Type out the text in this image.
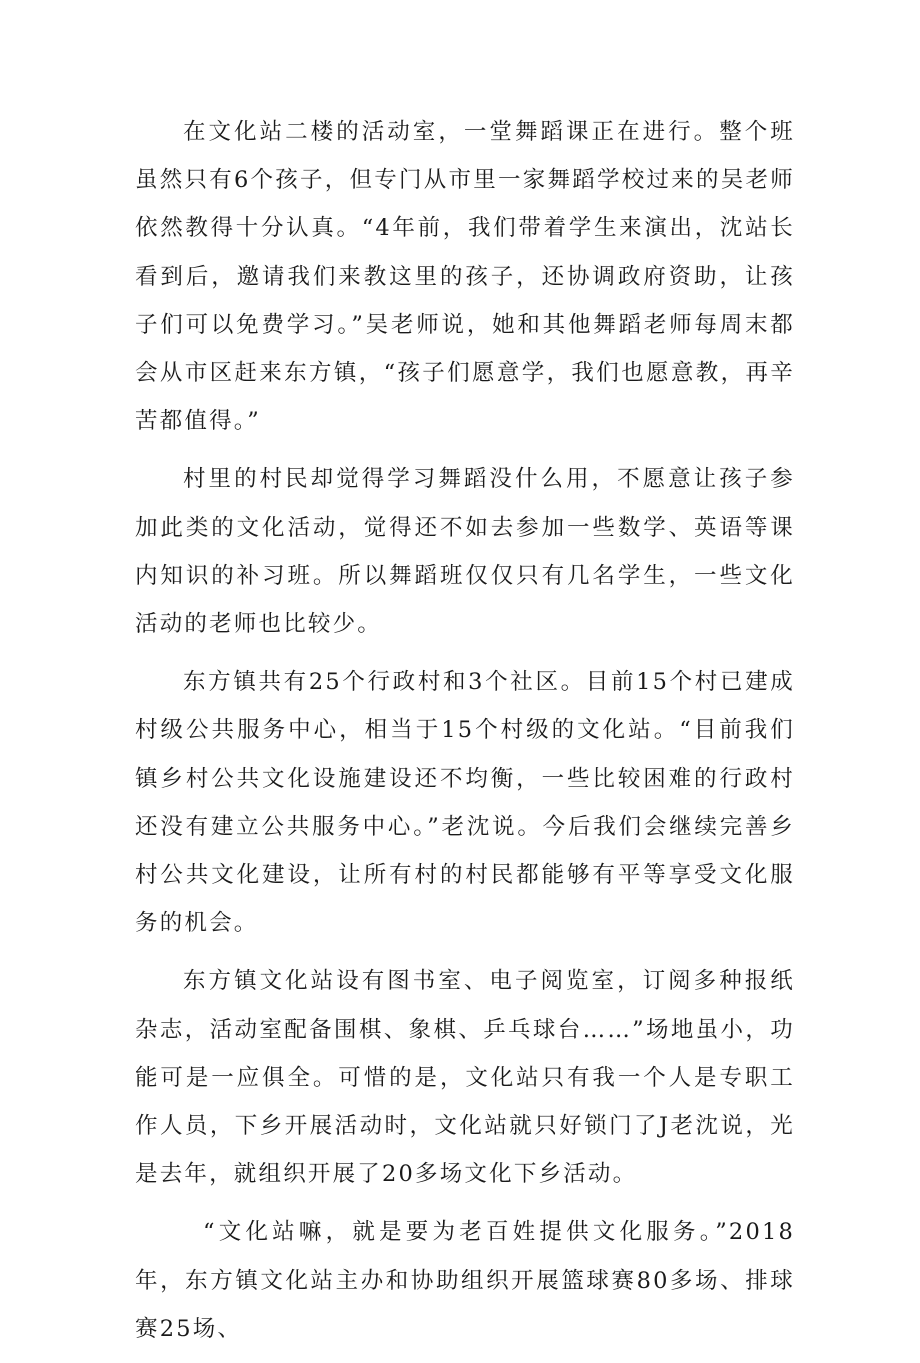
在文化站二楼的活动室，一堂舞蹈课正在进行。整个班虽然只有6个孩子，但专门从市里一家舞蹈学校过来的吴老师依然教得十分认真。“4年前，我们带着学生来演出，沈站长看到后，邀请我们来教这里的孩子，还协调政府资助，让孩子们可以免费学习。”吴老师说，她和其他舞蹈老师每周末都会从市区赶来东方镇，“孩子们愿意学，我们也愿意教，再辛苦都值得。”

村里的村民却觉得学习舞蹈没什么用，不愿意让孩子参加此类的文化活动，觉得还不如去参加一些数学、英语等课内知识的补习班。所以舞蹈班仅仅只有几名学生，一些文化活动的老师也比较少。

东方镇共有25个行政村和3个社区。目前15个村已建成村级公共服务中心，相当于15个村级的文化站。“目前我们镇乡村公共文化设施建设还不均衡，一些比较困难的行政村还没有建立公共服务中心。”老沈说。今后我们会继续完善乡村公共文化建设，让所有村的村民都能够有平等享受文化服务的机会。

东方镇文化站设有图书室、电子阅览室，订阅多种报纸杂志，活动室配备围棋、象棋、乒乓球台……”场地虽小，功能可是一应俱全。可惜的是，文化站只有我一个人是专职工作人员，下乡开展活动时，文化站就只好锁门了J老沈说，光是去年，就组织开展了20多场文化下乡活动。

“文化站嘛，就是要为老百姓提供文化服务。”2018年，东方镇文化站主办和协助组织开展篮球赛80多场、排球赛25场、
